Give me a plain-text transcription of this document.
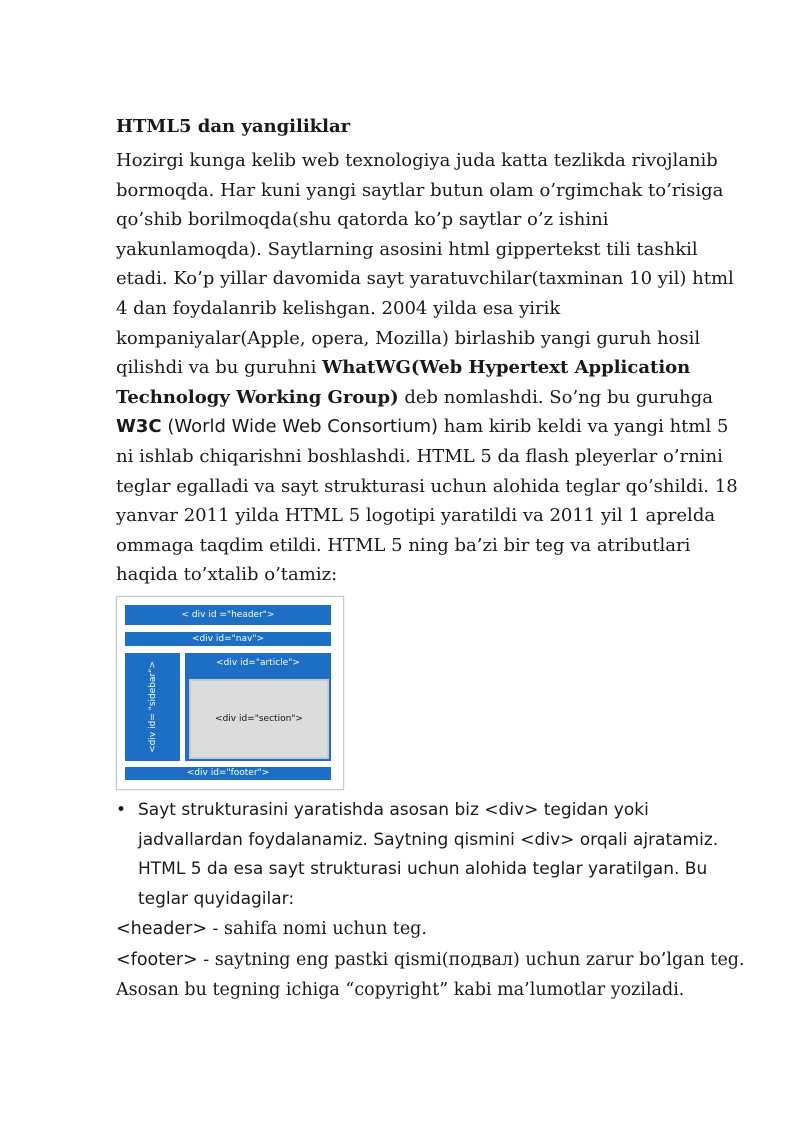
HTML5 dan yangiliklar

Hozirgi kunga kelib web texnologiya juda katta tezlikda rivojlanib bormoqda. Har kuni yangi saytlar butun olam o’rgimchak to’risiga qo’shib borilmoqda(shu qatorda ko’p saytlar o’z ishini yakunlamoqda). Saytlarning asosini html gippertekst tili tashkil etadi. Ko’p yillar davomida sayt yaratuvchilar(taxminan 10 yil) html 4 dan foydalanrib kelishgan. 2004 yilda esa yirik kompaniyalar(Apple, opera, Mozilla) birlashib yangi guruh hosil qilishdi va bu guruhni WhatWG(Web Hypertext Application Technology Working Group) deb nomlashdi. So’ng bu guruhga W3C (World Wide Web Consortium) ham kirib keldi va yangi html 5 ni ishlab chiqarishni boshlashdi. HTML 5 da flash pleyerlar o’rnini teglar egalladi va sayt strukturasi uchun alohida teglar qo’shildi. 18 yanvar 2011 yilda HTML 5 logotipi yaratildi va 2011 yil 1 aprelda ommaga taqdim etildi. HTML 5 ning ba’zi bir teg va atributlari haqida to’xtalib o’tamiz:

< div id ="header">
<div id="nav">
<div id= "sidebar">	<div id="article">
<div id="section">
<div id="footer">
• Sayt strukturasini yaratishda asosan biz <div> tegidan yoki jadvallardan foydalanamiz. Saytning qismini <div> orqali ajratamiz. HTML 5 da esa sayt strukturasi uchun alohida teglar yaratilgan. Bu teglar quyidagilar:

<header> - sahifa nomi uchun teg.

<footer> - saytning eng pastki qismi(подвал) uchun zarur bo’lgan teg. Asosan bu tegning ichiga “copyright” kabi ma’lumotlar yoziladi.
